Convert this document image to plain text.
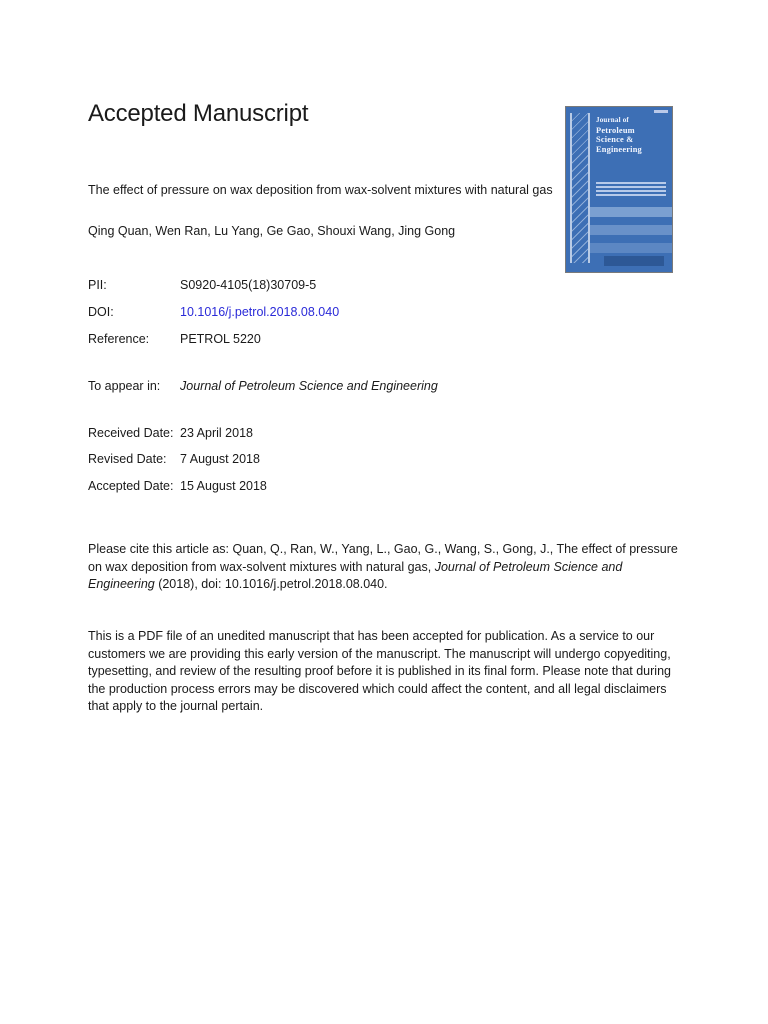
Accepted Manuscript	Journal of
Petroleum
Science &
Engineering

The effect of pressure on wax deposition from wax-solvent mixtures with natural gas

Qing Quan, Wen Ran, Lu Yang, Ge Gao, Shouxi Wang, Jing Gong
PII:	S0920-4105(18)30709-5
DOI:	10.1016/j.petrol.2018.08.040
Reference: PETROL 5220
To appear in: Journal of Petroleum Science and Engineering
Received Date: 23 April 2018
Revised Date: 7 August 2018
Accepted Date: 15 August 2018

Please cite this article as: Quan, Q., Ran, W., Yang, L., Gao, G., Wang, S., Gong, J., The effect of pressure on wax deposition from wax-solvent mixtures with natural gas, Journal of Petroleum Science and Engineering (2018), doi: 10.1016/j.petrol.2018.08.040.

This is a PDF file of an unedited manuscript that has been accepted for publication. As a service to our customers we are providing this early version of the manuscript. The manuscript will undergo copyediting, typesetting, and review of the resulting proof before it is published in its final form. Please note that during the production process errors may be discovered which could affect the content, and all legal disclaimers that apply to the journal pertain.
